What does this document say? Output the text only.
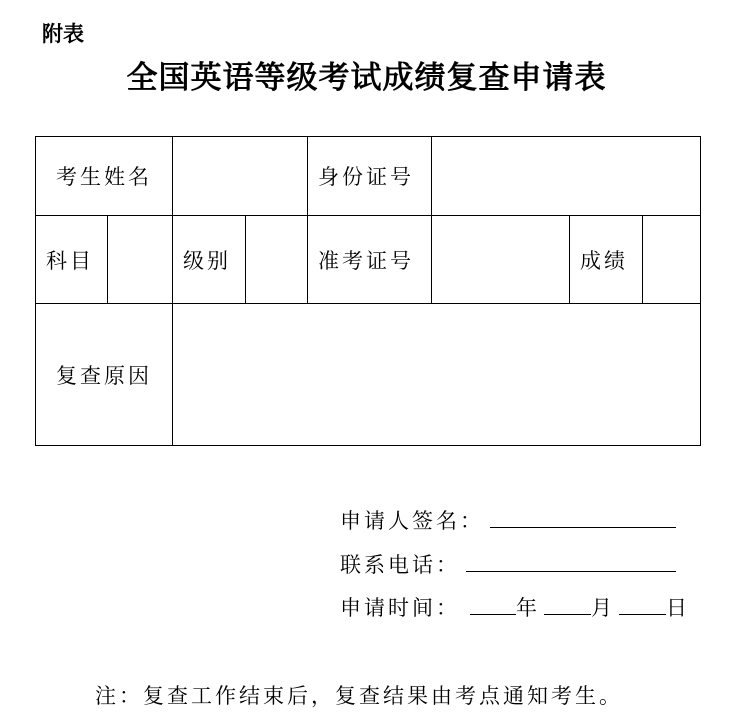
附表
全国英语等级考试成绩复查申请表
考生姓名				身份证号			
科目		级别		准考证号		成绩	
复查原因							
申请人签名：
联系电话：
申请时间：	年 月 日
注：复查工作结束后，复查结果由考点通知考生。
